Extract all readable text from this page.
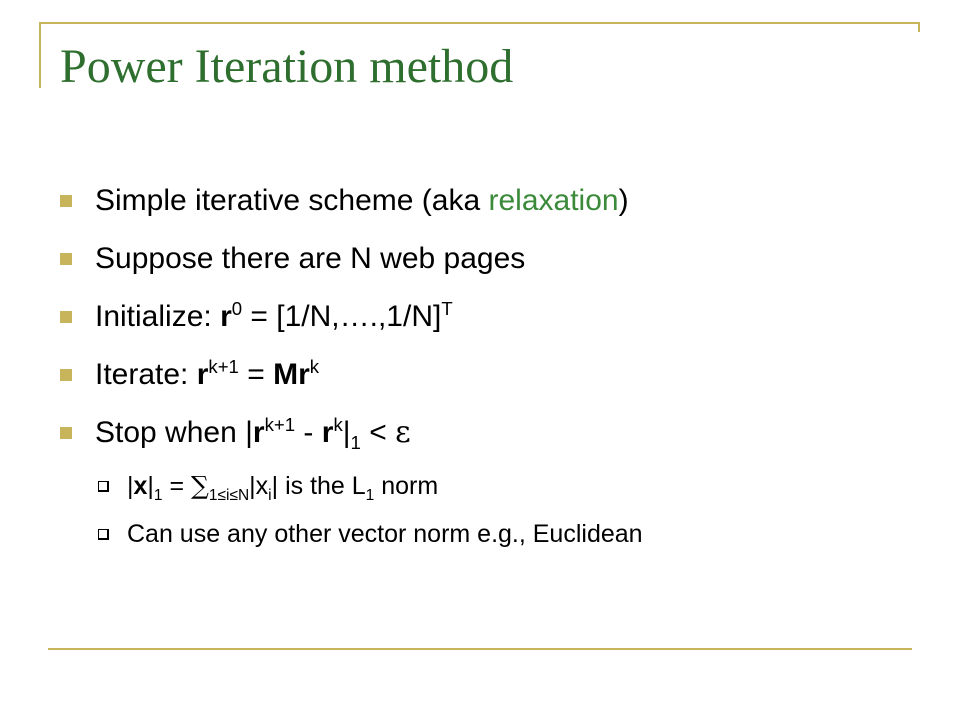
Power Iteration method
Simple iterative scheme (aka relaxation)
Suppose there are N web pages
Initialize: $r^0$ = [1/N,….,1/N]$^T$
Iterate: $r^{k+1} = Mr^k$
Stop when $|r^{k+1} - r^k|_1 < \varepsilon$
$|x|_1 = \sum_{1\le i\le N}|x_i|$ is the $L_1$ norm
Can use any other vector norm e.g., Euclidean
